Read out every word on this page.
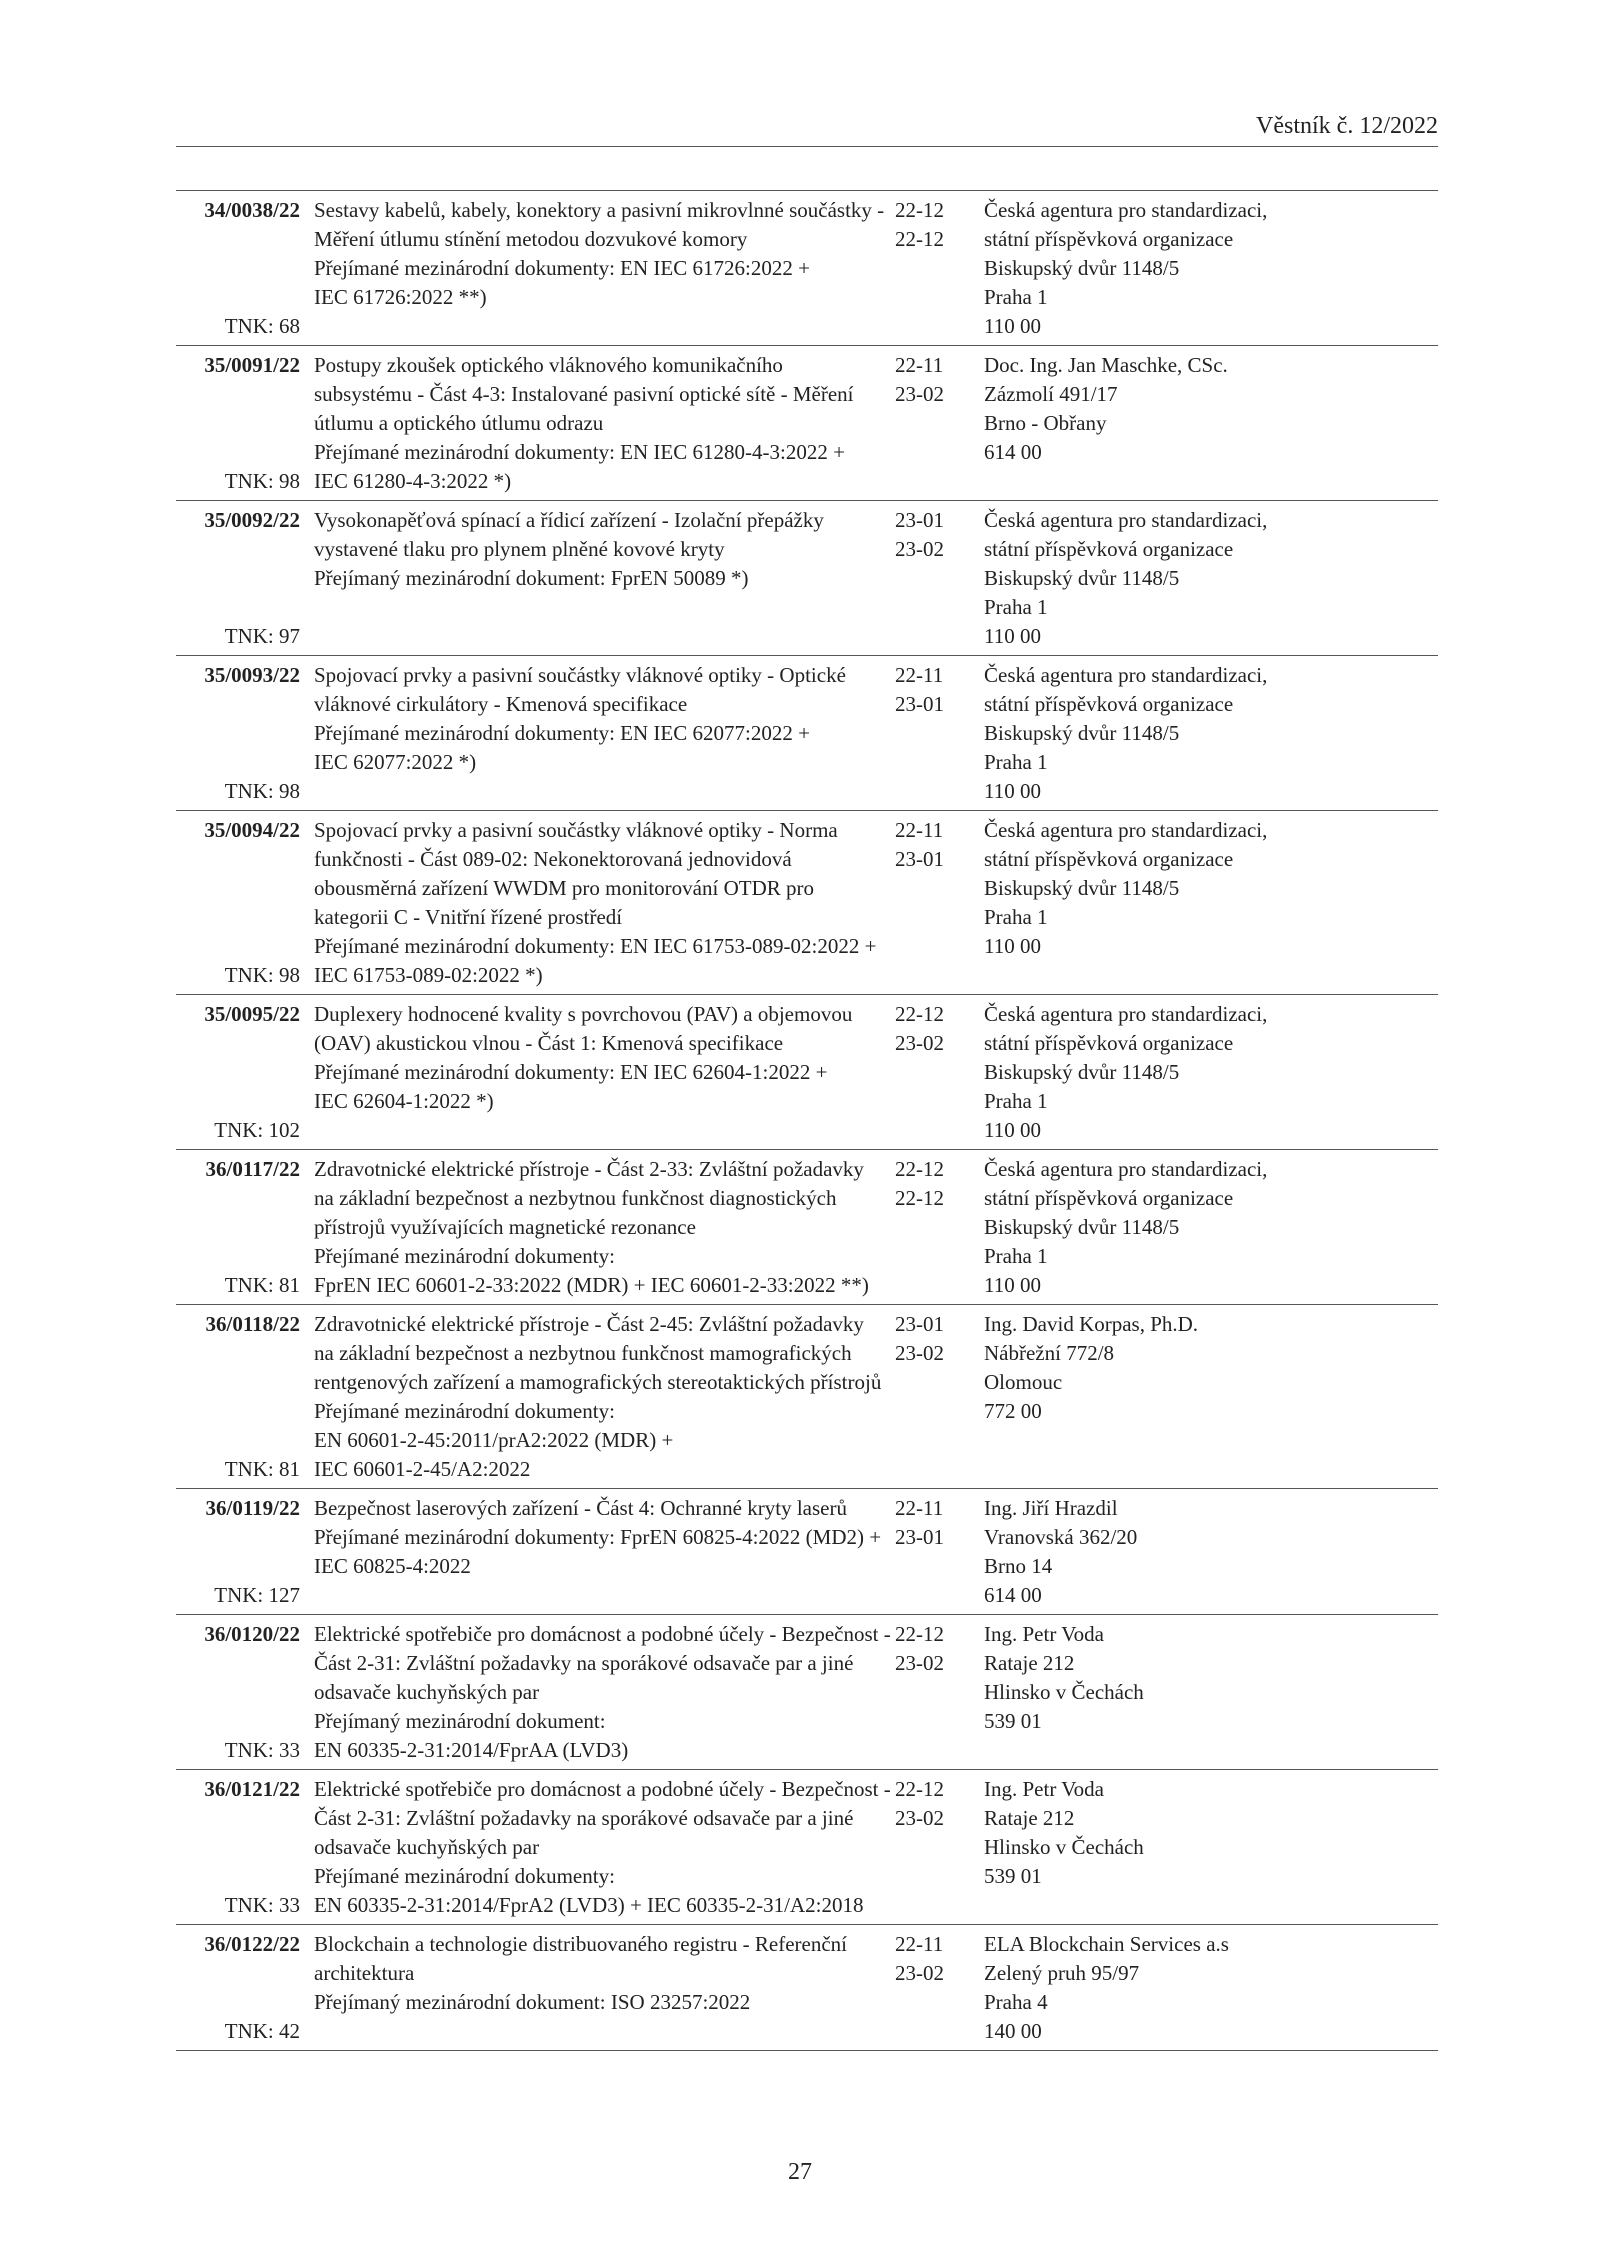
Věstník č. 12/2022
34/0038/22
TNK: 68
Sestavy kabelů, kabely, konektory a pasivní mikrovlnné součástky -
Měření útlumu stínění metodou dozvukové komory
Přejímané mezinárodní dokumenty: EN IEC 61726:2022 +
IEC 61726:2022 **)
22-12
22-12
Česká agentura pro standardizaci,
státní příspěvková organizace
Biskupský dvůr 1148/5
Praha 1
110 00
35/0091/22
TNK: 98
Postupy zkoušek optického vláknového komunikačního
subsystému - Část 4-3: Instalované pasivní optické sítě - Měření
útlumu a optického útlumu odrazu
Přejímané mezinárodní dokumenty: EN IEC 61280-4-3:2022 +
IEC 61280-4-3:2022 *)
22-11
23-02
Doc. Ing. Jan Maschke, CSc.
Zázmolí 491/17
Brno - Obřany
614 00
35/0092/22
TNK: 97
Vysokonapěťová spínací a řídicí zařízení - Izolační přepážky
vystavené tlaku pro plynem plněné kovové kryty
Přejímaný mezinárodní dokument: FprEN 50089 *)
23-01
23-02
Česká agentura pro standardizaci,
státní příspěvková organizace
Biskupský dvůr 1148/5
Praha 1
110 00
35/0093/22
TNK: 98
Spojovací prvky a pasivní součástky vláknové optiky - Optické
vláknové cirkulátory - Kmenová specifikace
Přejímané mezinárodní dokumenty: EN IEC 62077:2022 +
IEC 62077:2022 *)
22-11
23-01
Česká agentura pro standardizaci,
státní příspěvková organizace
Biskupský dvůr 1148/5
Praha 1
110 00
35/0094/22
TNK: 98
Spojovací prvky a pasivní součástky vláknové optiky - Norma
funkčnosti - Část 089-02: Nekonektorovaná jednovidová
obousměrná zařízení WWDM pro monitorování OTDR pro
kategorii C - Vnitřní řízené prostředí
Přejímané mezinárodní dokumenty: EN IEC 61753-089-02:2022 +
IEC 61753-089-02:2022 *)
22-11
23-01
Česká agentura pro standardizaci,
státní příspěvková organizace
Biskupský dvůr 1148/5
Praha 1
110 00
35/0095/22
TNK: 102
Duplexery hodnocené kvality s povrchovou (PAV) a objemovou
(OAV) akustickou vlnou - Část 1: Kmenová specifikace
Přejímané mezinárodní dokumenty: EN IEC 62604-1:2022 +
IEC 62604-1:2022 *)
22-12
23-02
Česká agentura pro standardizaci,
státní příspěvková organizace
Biskupský dvůr 1148/5
Praha 1
110 00
36/0117/22
TNK: 81
Zdravotnické elektrické přístroje - Část 2-33: Zvláštní požadavky
na základní bezpečnost a nezbytnou funkčnost diagnostických
přístrojů využívajících magnetické rezonance
Přejímané mezinárodní dokumenty:
FprEN IEC 60601-2-33:2022 (MDR) + IEC 60601-2-33:2022 **)
22-12
22-12
Česká agentura pro standardizaci,
státní příspěvková organizace
Biskupský dvůr 1148/5
Praha 1
110 00
36/0118/22
TNK: 81
Zdravotnické elektrické přístroje - Část 2-45: Zvláštní požadavky
na základní bezpečnost a nezbytnou funkčnost mamografických
rentgenových zařízení a mamografických stereotaktických přístrojů
Přejímané mezinárodní dokumenty:
EN 60601-2-45:2011/prA2:2022 (MDR) +
IEC 60601-2-45/A2:2022
23-01
23-02
Ing. David Korpas, Ph.D.
Nábřežní 772/8
Olomouc
772 00
36/0119/22
TNK: 127
Bezpečnost laserových zařízení - Část 4: Ochranné kryty laserů
Přejímané mezinárodní dokumenty: FprEN 60825-4:2022 (MD2) +
IEC 60825-4:2022
22-11
23-01
Ing. Jiří Hrazdil
Vranovská 362/20
Brno 14
614 00
36/0120/22
TNK: 33
Elektrické spotřebiče pro domácnost a podobné účely - Bezpečnost -
Část 2-31: Zvláštní požadavky na sporákové odsavače par a jiné
odsavače kuchyňských par
Přejímaný mezinárodní dokument:
EN 60335-2-31:2014/FprAA (LVD3)
22-12
23-02
Ing. Petr Voda
Rataje 212
Hlinsko v Čechách
539 01
36/0121/22
TNK: 33
Elektrické spotřebiče pro domácnost a podobné účely - Bezpečnost -
Část 2-31: Zvláštní požadavky na sporákové odsavače par a jiné
odsavače kuchyňských par
Přejímané mezinárodní dokumenty:
EN 60335-2-31:2014/FprA2 (LVD3) + IEC 60335-2-31/A2:2018
22-12
23-02
Ing. Petr Voda
Rataje 212
Hlinsko v Čechách
539 01
36/0122/22
TNK: 42
Blockchain a technologie distribuovaného registru - Referenční
architektura
Přejímaný mezinárodní dokument: ISO 23257:2022
22-11
23-02
ELA Blockchain Services a.s
Zelený pruh 95/97
Praha 4
140 00
27
